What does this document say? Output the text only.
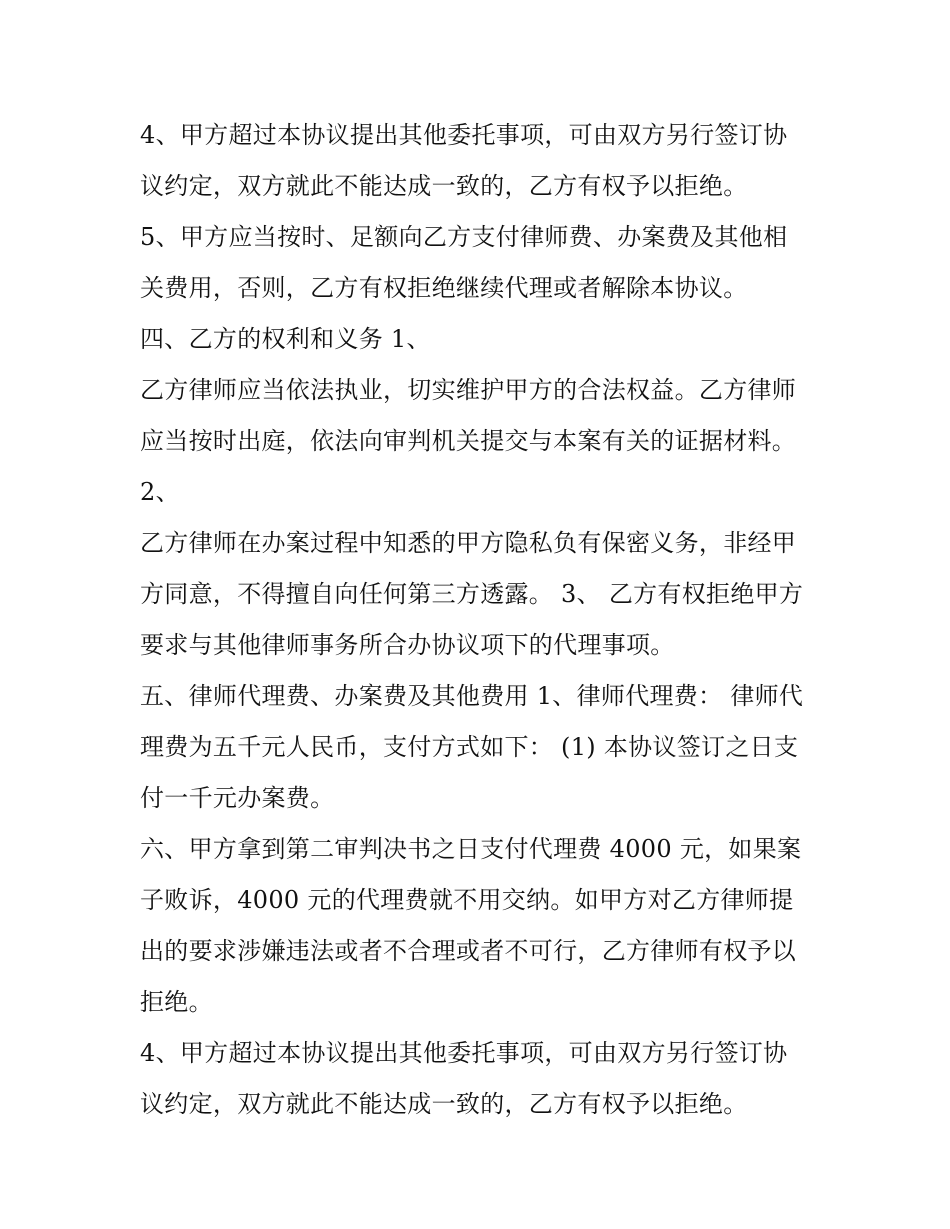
4、甲方超过本协议提出其他委托事项，可由双方另行签订协

议约定，双方就此不能达成一致的，乙方有权予以拒绝。

5、甲方应当按时、足额向乙方支付律师费、办案费及其他相

关费用，否则，乙方有权拒绝继续代理或者解除本协议。

四、乙方的权利和义务 1、

乙方律师应当依法执业，切实维护甲方的合法权益。乙方律师

应当按时出庭，依法向审判机关提交与本案有关的证据材料。

2、

乙方律师在办案过程中知悉的甲方隐私负有保密义务，非经甲

方同意，不得擅自向任何第三方透露。 3、 乙方有权拒绝甲方

要求与其他律师事务所合办协议项下的代理事项。

五、律师代理费、办案费及其他费用 1、律师代理费： 律师代

理费为五千元人民币，支付方式如下： (1) 本协议签订之日支

付一千元办案费。

六、甲方拿到第二审判决书之日支付代理费 4000 元，如果案

子败诉，4000 元的代理费就不用交纳。如甲方对乙方律师提

出的要求涉嫌违法或者不合理或者不可行，乙方律师有权予以

拒绝。

4、甲方超过本协议提出其他委托事项，可由双方另行签订协

议约定，双方就此不能达成一致的，乙方有权予以拒绝。
